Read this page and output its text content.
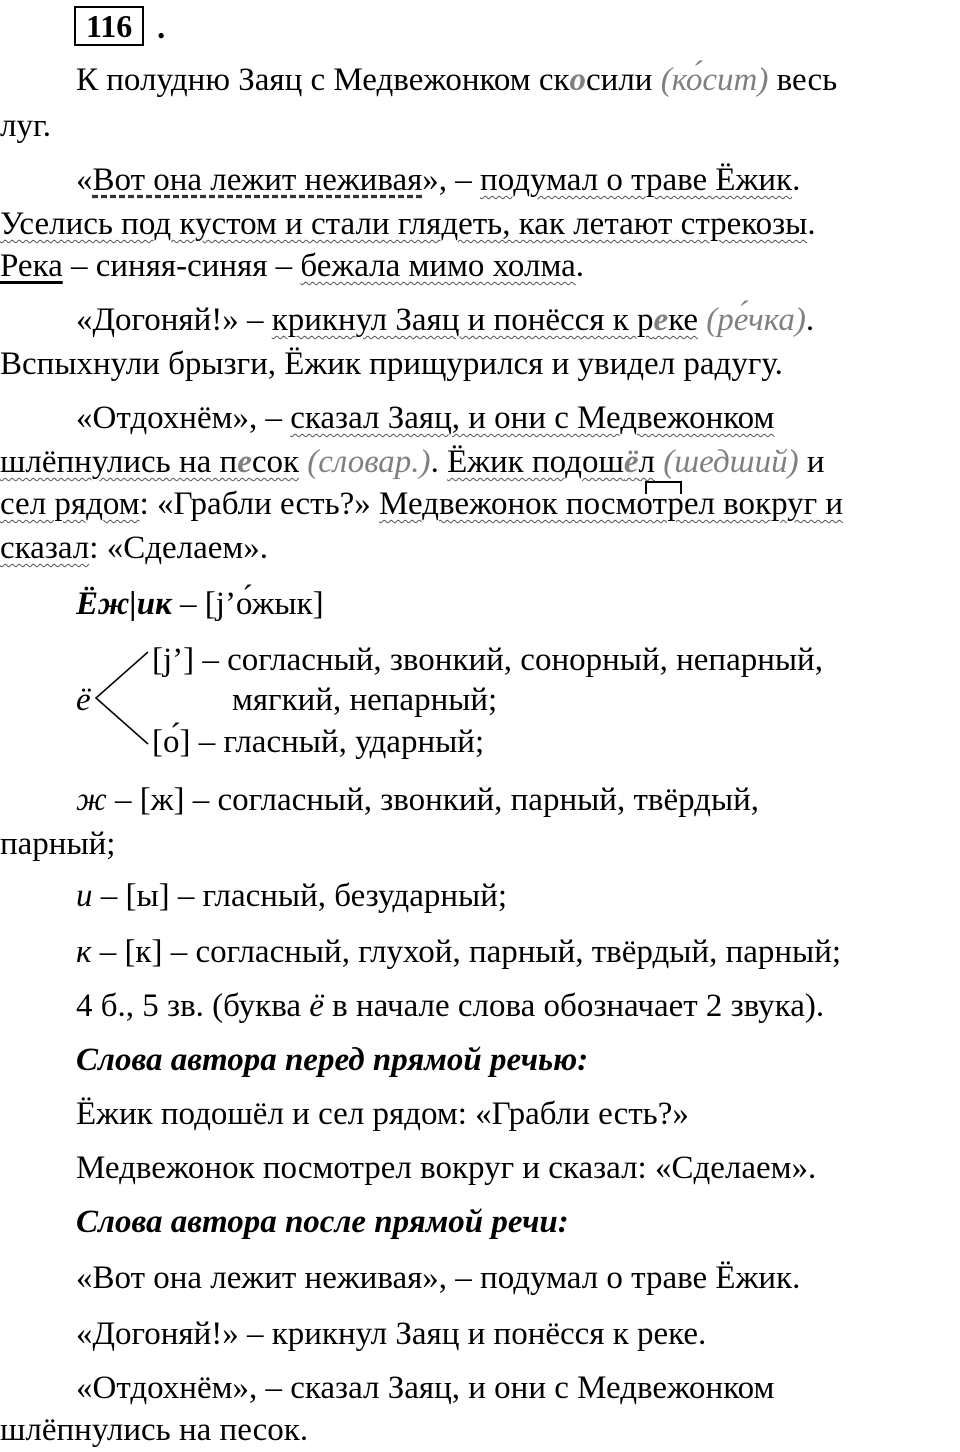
116 .
К полудню Заяц с Медвежонком скосили (ко́сит) весь
луг.
«Вот она лежит неживая», – подумал о траве Ёжик.
Уселись под кустом и стали глядеть, как летают стрекозы.
Река – синяя-синяя – бежала мимо холма.
«Догоняй!» – крикнул Заяц и понёсся к реке (ре́чка).
Вспыхнули брызги, Ёжик прищурился и увидел радугу.
«Отдохнём», – сказал Заяц, и они с Медвежонком
шлёпнулись на песок (словар.). Ёжик подошёл (шедший) и
сел рядом: «Грабли есть?» Медвежонок посмотрел вокруг и
сказал: «Сделаем».
Ёж|ик – [j’о́жык]
ё
[j’] – согласный, звонкий, сонорный, непарный,
мягкий, непарный;
[о́] – гласный, ударный;
ж – [ж] – согласный, звонкий, парный, твёрдый,
парный;
и – [ы] – гласный, безударный;
к – [к] – согласный, глухой, парный, твёрдый, парный;
4 б., 5 зв. (буква ё в начале слова обозначает 2 звука).
Слова автора перед прямой речью:
Ёжик подошёл и сел рядом: «Грабли есть?»
Медвежонок посмотрел вокруг и сказал: «Сделаем».
Слова автора после прямой речи:
«Вот она лежит неживая», – подумал о траве Ёжик.
«Догоняй!» – крикнул Заяц и понёсся к реке.
«Отдохнём», – сказал Заяц, и они с Медвежонком
шлёпнулись на песок.
